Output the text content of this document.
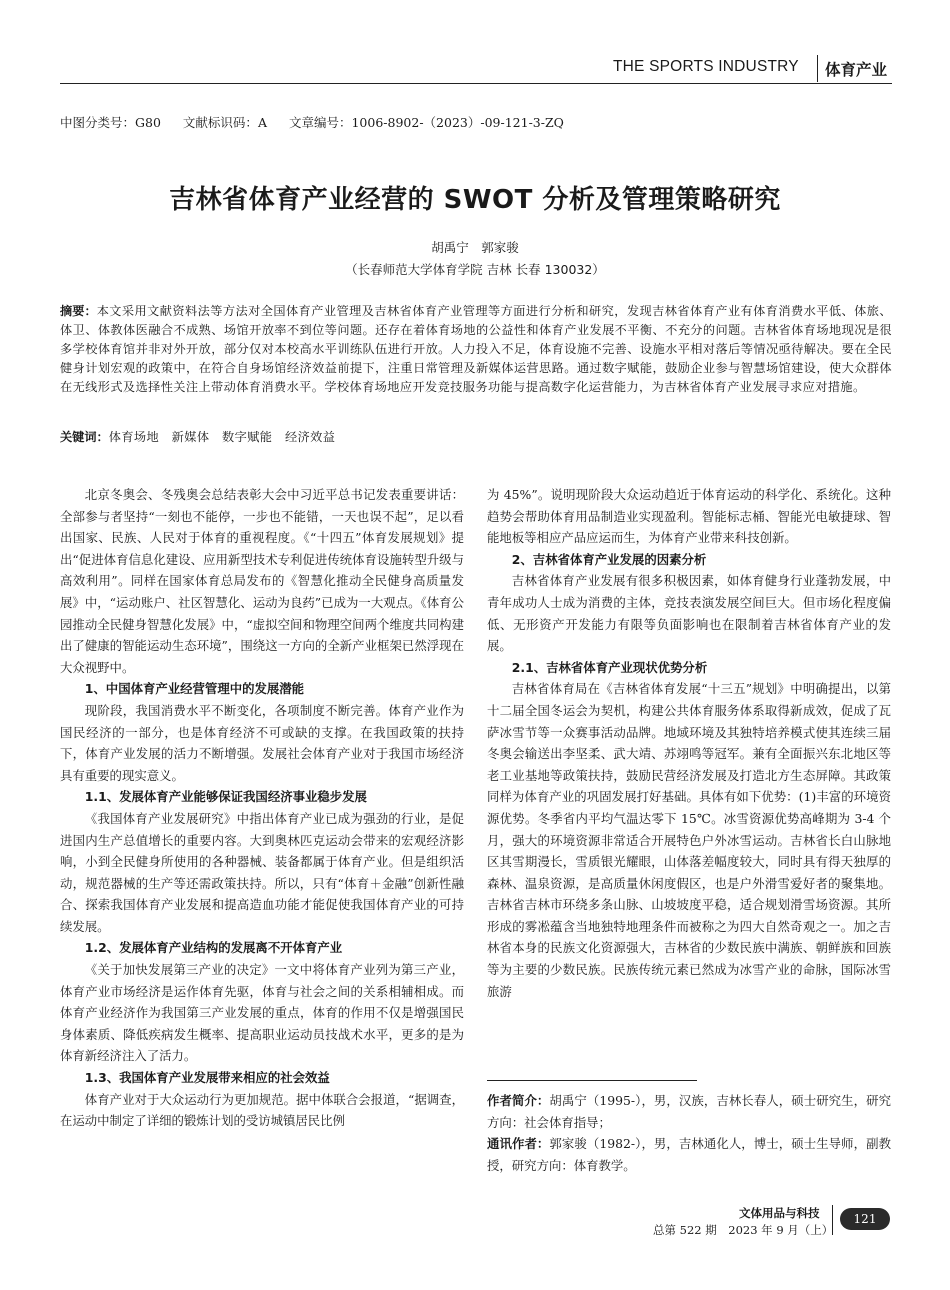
THE SPORTS INDUSTRY 体育产业
中图分类号：G80 文献标识码：A 文章编号：1006-8902-（2023）-09-121-3-ZQ
吉林省体育产业经营的 SWOT 分析及管理策略研究
胡禹宁　郭家骏
（长春师范大学体育学院 吉林 长春 130032）
摘要：本文采用文献资料法等方法对全国体育产业管理及吉林省体育产业管理等方面进行分析和研究，发现吉林省体育产业有体育消费水平低、体旅、体卫、体教体医融合不成熟、场馆开放率不到位等问题。还存在着体育场地的公益性和体育产业发展不平衡、不充分的问题。吉林省体育场地现况是很多学校体育馆并非对外开放，部分仅对本校高水平训练队伍进行开放。人力投入不足，体育设施不完善、设施水平相对落后等情况亟待解决。要在全民健身计划宏观的政策中，在符合自身场馆经济效益前提下，注重日常管理及新媒体运营思路。通过数字赋能，鼓励企业参与智慧场馆建设，使大众群体在无线形式及选择性关注上带动体育消费水平。学校体育场地应开发竞技服务功能与提高数字化运营能力，为吉林省体育产业发展寻求应对措施。
关键词：体育场地　新媒体　数字赋能　经济效益

北京冬奥会、冬残奥会总结表彰大会中习近平总书记发表重要讲话：全部参与者坚持“一刻也不能停，一步也不能错，一天也误不起”，足以看出国家、民族、人民对于体育的重视程度。《“十四五”体育发展规划》提出“促进体育信息化建设、应用新型技术专利促进传统体育设施转型升级与高效利用”。同样在国家体育总局发布的《智慧化推动全民健身高质量发展》中，“运动账户、社区智慧化、运动为良药”已成为一大观点。《体育公园推动全民健身智慧化发展》中，“虚拟空间和物理空间两个维度共同构建出了健康的智能运动生态环境”，围绕这一方向的全新产业框架已然浮现在大众视野中。

1、中国体育产业经营管理中的发展潜能

现阶段，我国消费水平不断变化，各项制度不断完善。体育产业作为国民经济的一部分，也是体育经济不可或缺的支撑。在我国政策的扶持下，体育产业发展的活力不断增强。发展社会体育产业对于我国市场经济具有重要的现实意义。

1.1、发展体育产业能够保证我国经济事业稳步发展

《我国体育产业发展研究》中指出体育产业已成为强劲的行业，是促进国内生产总值增长的重要内容。大到奥林匹克运动会带来的宏观经济影响，小到全民健身所使用的各种器械、装备都属于体育产业。但是组织活动，规范器械的生产等还需政策扶持。所以，只有“体育＋金融”创新性融合、探索我国体育产业发展和提高造血功能才能促使我国体育产业的可持续发展。

1.2、发展体育产业结构的发展离不开体育产业

《关于加快发展第三产业的决定》一文中将体育产业列为第三产业，体育产业市场经济是运作体育先驱，体育与社会之间的关系相辅相成。而体育产业经济作为我国第三产业发展的重点，体育的作用不仅是增强国民身体素质、降低疾病发生概率、提高职业运动员技战术水平，更多的是为体育新经济注入了活力。

1.3、我国体育产业发展带来相应的社会效益

体育产业对于大众运动行为更加规范。据中体联合会报道，“据调查，在运动中制定了详细的锻炼计划的受访城镇居民比例

为 45%”。说明现阶段大众运动趋近于体育运动的科学化、系统化。这种趋势会帮助体育用品制造业实现盈利。智能标志桶、智能光电敏捷球、智能地板等相应产品应运而生，为体育产业带来科技创新。

2、吉林省体育产业发展的因素分析

吉林省体育产业发展有很多积极因素，如体育健身行业蓬勃发展，中青年成功人士成为消费的主体，竞技表演发展空间巨大。但市场化程度偏低、无形资产开发能力有限等负面影响也在限制着吉林省体育产业的发展。

2.1、吉林省体育产业现状优势分析

吉林省体育局在《吉林省体育发展“十三五”规划》中明确提出，以第十二届全国冬运会为契机，构建公共体育服务体系取得新成效，促成了瓦萨冰雪节等一众赛事活动品牌。地域环境及其独特培养模式使其连续三届冬奥会输送出李坚柔、武大靖、苏翊鸣等冠军。兼有全面振兴东北地区等老工业基地等政策扶持，鼓励民营经济发展及打造北方生态屏障。其政策同样为体育产业的巩固发展打好基础。具体有如下优势：(1)丰富的环境资源优势。冬季省内平均气温达零下 15℃。冰雪资源优势高峰期为 3-4 个月，强大的环境资源非常适合开展特色户外冰雪运动。吉林省长白山脉地区其雪期漫长，雪质银光耀眼，山体落差幅度较大，同时具有得天独厚的森林、温泉资源，是高质量休闲度假区，也是户外滑雪爱好者的聚集地。吉林省吉林市环绕多条山脉、山坡坡度平稳，适合规划滑雪场资源。其所形成的雾凇蕴含当地独特地理条件而被称之为四大自然奇观之一。加之吉林省本身的民族文化资源强大，吉林省的少数民族中满族、朝鲜族和回族等为主要的少数民族。民族传统元素已然成为冰雪产业的命脉，国际冰雪旅游

作者简介：胡禹宁（1995-），男，汉族，吉林长春人，硕士研究生，研究方向：社会体育指导；

通讯作者：郭家骏（1982-），男，吉林通化人，博士，硕士生导师，副教授，研究方向：体育教学。

文体用品与科技
总第 522 期　2023 年 9 月（上）
121
